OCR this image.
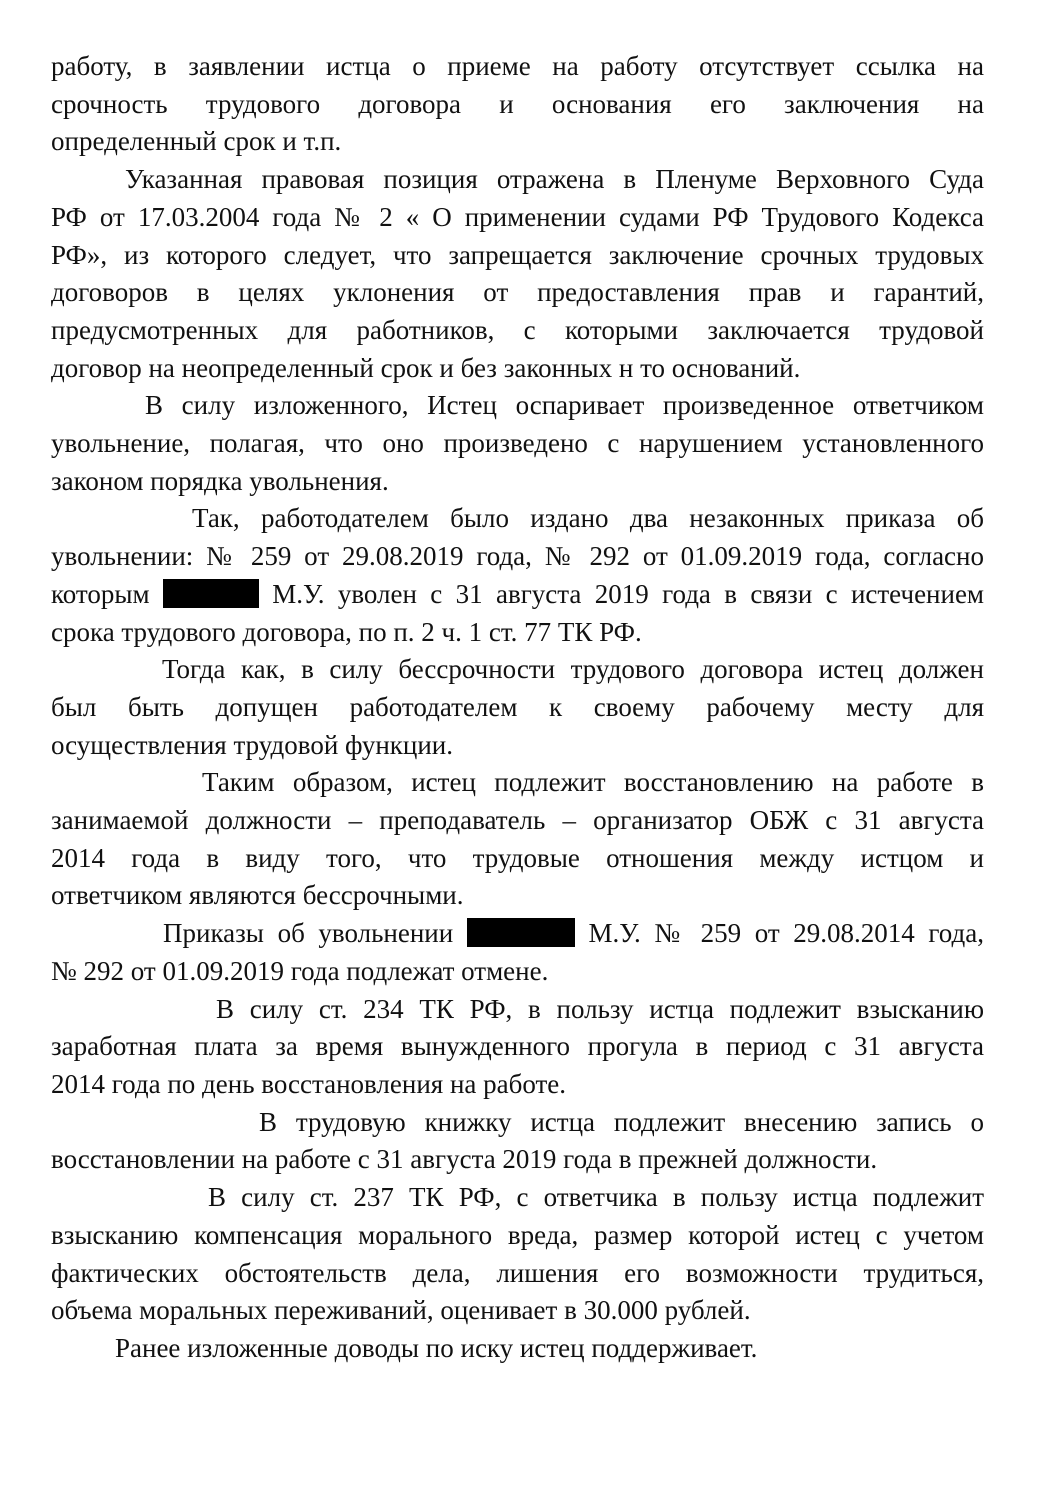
работу, в заявлении истца о приеме на работу отсутствует ссылка на
срочность трудового договора и основания его заключения на
определенный срок и т.п.
Указанная правовая позиция отражена в Пленуме Верховного Суда
РФ от 17.03.2004 года № 2 « О применении судами РФ Трудового Кодекса
РФ», из которого следует, что запрещается заключение срочных трудовых
договоров в целях уклонения от предоставления прав и гарантий,
предусмотренных для работников, с которыми заключается трудовой
договор на неопределенный срок и без законных н то оснований.
В силу изложенного, Истец оспаривает произведенное ответчиком
увольнение, полагая, что оно произведено с нарушением установленного
законом порядка увольнения.
Так, работодателем было издано два незаконных приказа об
увольнении: № 259 от 29.08.2019 года, № 292 от 01.09.2019 года, согласно
которым	М.У. уволен с 31 августа 2019 года в связи с истечением
срока трудового договора, по п. 2 ч. 1 ст. 77 ТК РФ.
Тогда как, в силу бессрочности трудового договора истец должен
был быть допущен работодателем к своему рабочему месту для
осуществления трудовой функции.
Таким образом, истец подлежит восстановлению на работе в
занимаемой должности – преподаватель – организатор ОБЖ с 31 августа
2014 года в виду того, что трудовые отношения между истцом и
ответчиком являются бессрочными.
Приказы об увольнении	М.У. № 259 от 29.08.2014 года,
№ 292 от 01.09.2019 года подлежат отмене.
В силу ст. 234 ТК РФ, в пользу истца подлежит взысканию
заработная плата за время вынужденного прогула в период с 31 августа
2014 года по день восстановления на работе.
В трудовую книжку истца подлежит внесению запись о
восстановлении на работе с 31 августа 2019 года в прежней должности.
В силу ст. 237 ТК РФ, с ответчика в пользу истца подлежит
взысканию компенсация морального вреда, размер которой истец с учетом
фактических обстоятельств дела, лишения его возможности трудиться,
объема моральных переживаний, оценивает в 30.000 рублей.
Ранее изложенные доводы по иску истец поддерживает.
